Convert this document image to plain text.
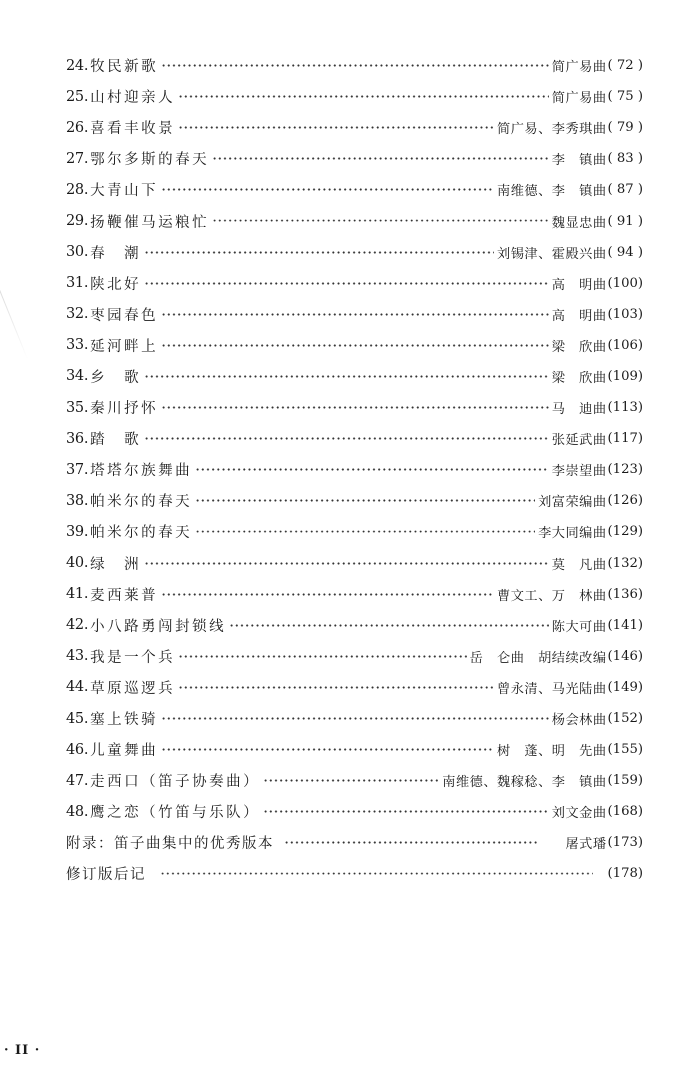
24. 牧民新歌	简广易曲 ( 72 )
25. 山村迎亲人	简广易曲 ( 75 )
26. 喜看丰收景	简广易、李秀琪曲 ( 79 )
27. 鄂尔多斯的春天	李　镇曲 ( 83 )
28. 大青山下	南维德、李　镇曲 ( 87 )
29. 扬鞭催马运粮忙	魏显忠曲 ( 91 )
30. 春　潮	刘锡津、霍殿兴曲 ( 94 )
31. 陕北好	高　明曲 (100)
32. 枣园春色	高　明曲 (103)
33. 延河畔上	梁　欣曲 (106)
34. 乡　歌	梁　欣曲 (109)
35. 秦川抒怀	马　迪曲 (113)
36. 踏　歌	张延武曲 (117)
37. 塔塔尔族舞曲	李崇望曲 (123)
38. 帕米尔的春天	刘富荣编曲 (126)
39. 帕米尔的春天	李大同编曲 (129)
40. 绿　洲	莫　凡曲 (132)
41. 麦西莱普	曹文工、万　林曲 (136)
42. 小八路勇闯封锁线	陈大可曲 (141)
43. 我是一个兵	岳　仑曲　胡结续改编 (146)
44. 草原巡逻兵	曾永清、马光陆曲 (149)
45. 塞上铁骑	杨会林曲 (152)
46. 儿童舞曲	树　蓬、明　先曲 (155)
47. 走西口（笛子协奏曲）	南维德、魏稼稔、李　镇曲 (159)
48. 鹰之恋（竹笛与乐队）	刘文金曲 (168)
附录：笛子曲集中的优秀版本	屠式璠 (173)
修订版后记	(178)
· II ·
